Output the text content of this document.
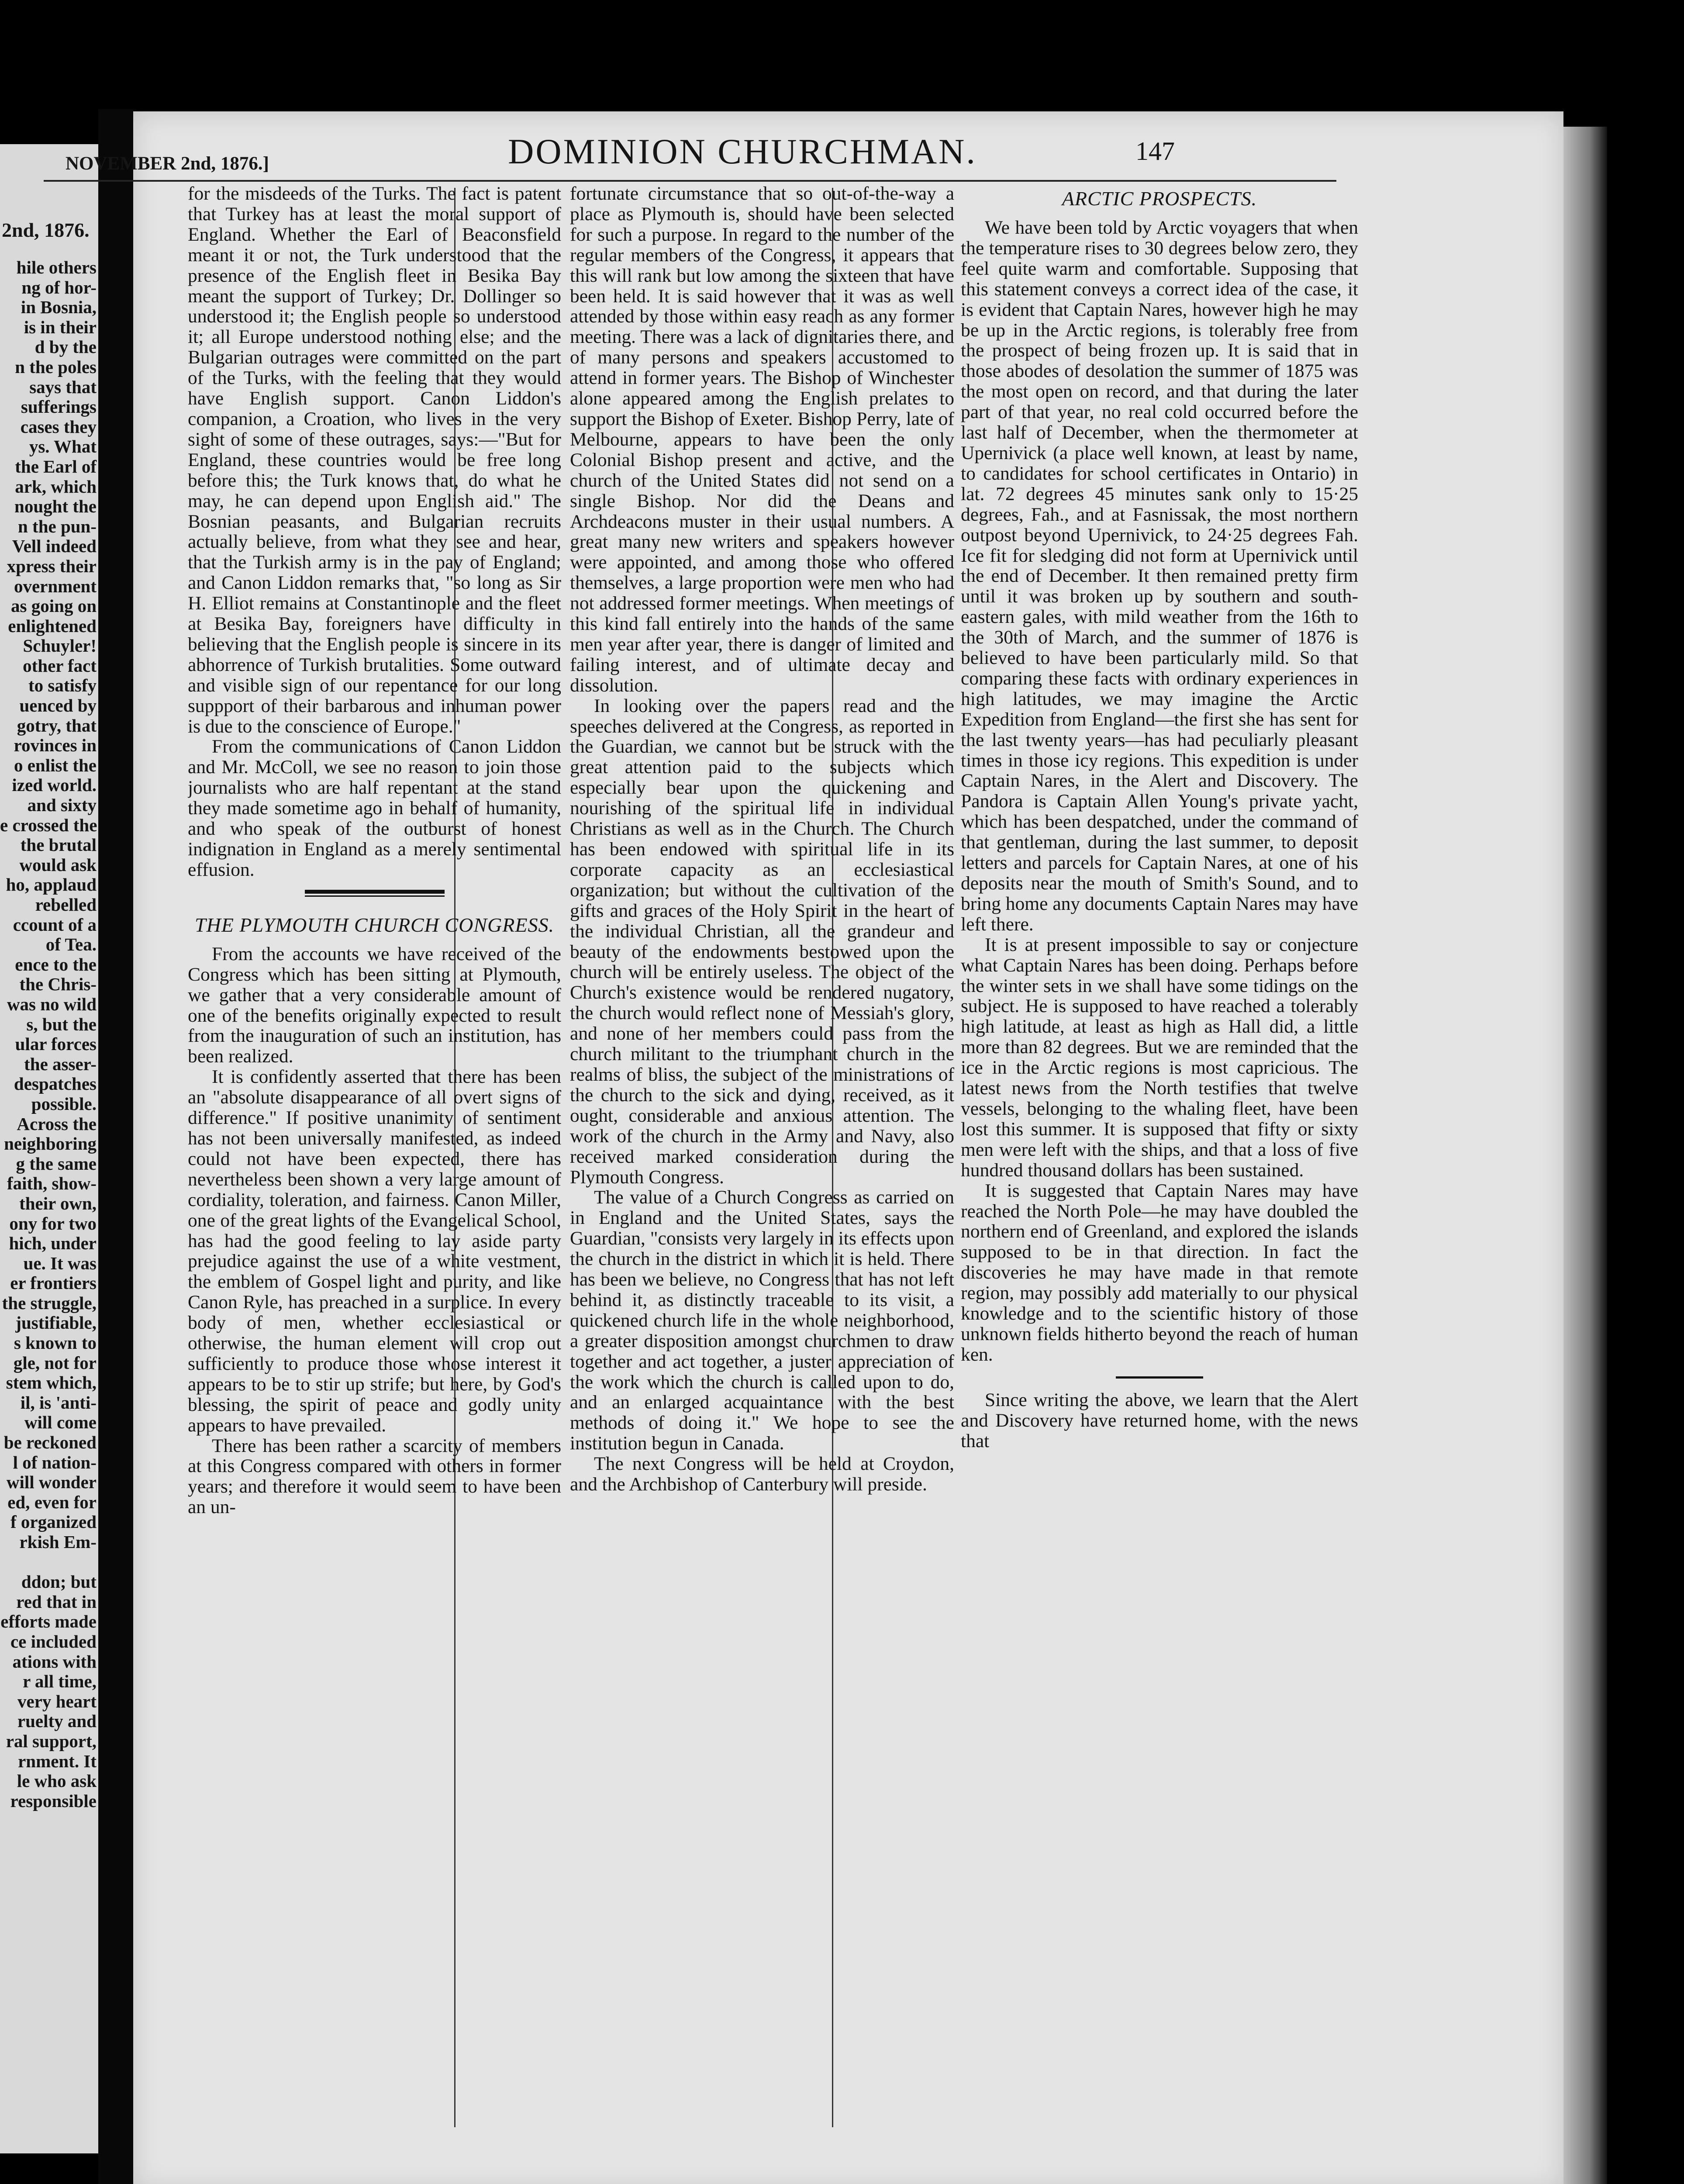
2nd, 1876.
hile others
ng of hor-
in Bosnia,
is in their
d by the
n the poles
says that
sufferings
cases they
ys. What
the Earl of
ark, which
nought the
n the pun-
Vell indeed
xpress their
overnment
as going on
enlightened
Schuyler!
other fact
to satisfy
uenced by
gotry, that
rovinces in
o enlist the
ized world.
and sixty
e crossed the
the brutal
would ask
ho, applaud
rebelled
ccount of a
of Tea.
ence to the
the Chris-
was no wild
s, but the
ular forces
the asser-
despatches
possible.
Across the
neighboring
g the same
faith, show-
their own,
ony for two
hich, under
ue. It was
er frontiers
the struggle,
justifiable,
s known to
gle, not for
stem which,
il, is 'anti-
will come
be reckoned
l of nation-
will wonder
ed, even for
f organized
rkish Em-

ddon; but
red that in
efforts made
ce included
ations with
r all time,
very heart
ruelty and
ral support,
rnment. It
le who ask
responsible
NOVEMBER 2nd, 1876.]	DOMINION CHURCHMAN.	147

for the misdeeds of the Turks. The fact is patent that Turkey has at least the moral support of England. Whether the Earl of Beaconsfield meant it or not, the Turk understood that the presence of the English fleet in Besika Bay meant the support of Turkey; Dr. Dollinger so understood it; the English people so understood it; all Europe understood nothing else; and the Bulgarian outrages were committed on the part of the Turks, with the feeling that they would have English support. Canon Liddon's companion, a Croation, who lives in the very sight of some of these outrages, says:—"But for England, these countries would be free long before this; the Turk knows that, do what he may, he can depend upon English aid." The Bosnian peasants, and Bulgarian recruits actually believe, from what they see and hear, that the Turkish army is in the pay of England; and Canon Liddon remarks that, "so long as Sir H. Elliot remains at Constantinople and the fleet at Besika Bay, foreigners have difficulty in believing that the English people is sincere in its abhorrence of Turkish brutalities. Some outward and visible sign of our repentance for our long suppport of their barbarous and inhuman power is due to the conscience of Europe."

From the communications of Canon Liddon and Mr. McColl, we see no reason to join those journalists who are half repentant at the stand they made sometime ago in behalf of humanity, and who speak of the outburst of honest indignation in England as a merely sentimental effusion.

THE PLYMOUTH CHURCH CONGRESS.

From the accounts we have received of the Congress which has been sitting at Plymouth, we gather that a very considerable amount of one of the benefits originally expected to result from the inauguration of such an institution, has been realized.

It is confidently asserted that there has been an "absolute disappearance of all overt signs of difference." If positive unanimity of sentiment has not been universally manifested, as indeed could not have been expected, there has nevertheless been shown a very large amount of cordiality, toleration, and fairness. Canon Miller, one of the great lights of the Evangelical School, has had the good feeling to lay aside party prejudice against the use of a white vestment, the emblem of Gospel light and purity, and like Canon Ryle, has preached in a surplice. In every body of men, whether ecclesiastical or otherwise, the human element will crop out sufficiently to produce those whose interest it appears to be to stir up strife; but here, by God's blessing, the spirit of peace and godly unity appears to have prevailed.

There has been rather a scarcity of members at this Congress compared with others in former years; and therefore it would seem to have been an un-

fortunate circumstance that so out-of-the-way a place as Plymouth is, should have been selected for such a purpose. In regard to the number of the regular members of the Congress, it appears that this will rank but low among the sixteen that have been held. It is said however that it was as well attended by those within easy reach as any former meeting. There was a lack of dignitaries there, and of many persons and speakers accustomed to attend in former years. The Bishop of Winchester alone appeared among the English prelates to support the Bishop of Exeter. Bishop Perry, late of Melbourne, appears to have been the only Colonial Bishop present and active, and the church of the United States did not send on a single Bishop. Nor did the Deans and Archdeacons muster in their usual numbers. A great many new writers and speakers however were appointed, and among those who offered themselves, a large proportion were men who had not addressed former meetings. When meetings of this kind fall entirely into the hands of the same men year after year, there is danger of limited and failing interest, and of ultimate decay and dissolution.

In looking over the papers read and the speeches delivered at the Congress, as reported in the Guardian, we cannot but be struck with the great attention paid to the subjects which especially bear upon the quickening and nourishing of the spiritual life in individual Christians as well as in the Church. The Church has been endowed with spiritual life in its corporate capacity as an ecclesiastical organization; but without the cultivation of the gifts and graces of the Holy Spirit in the heart of the individual Christian, all the grandeur and beauty of the endowments bestowed upon the church will be entirely useless. The object of the Church's existence would be rendered nugatory, the church would reflect none of Messiah's glory, and none of her members could pass from the church militant to the triumphant church in the realms of bliss, the subject of the ministrations of the church to the sick and dying, received, as it ought, considerable and anxious attention. The work of the church in the Army and Navy, also received marked consideration during the Plymouth Congress.

The value of a Church Congress as carried on in England and the United States, says the Guardian, "consists very largely in its effects upon the church in the district in which it is held. There has been we believe, no Congress that has not left behind it, as distinctly traceable to its visit, a quickened church life in the whole neighborhood, a greater disposition amongst churchmen to draw together and act together, a juster appreciation of the work which the church is called upon to do, and an enlarged acquaintance with the best methods of doing it." We hope to see the institution begun in Canada.

The next Congress will be held at Croydon, and the Archbishop of Canterbury will preside.

ARCTIC PROSPECTS.

We have been told by Arctic voyagers that when the temperature rises to 30 degrees below zero, they feel quite warm and comfortable. Supposing that this statement conveys a correct idea of the case, it is evident that Captain Nares, however high he may be up in the Arctic regions, is tolerably free from the prospect of being frozen up. It is said that in those abodes of desolation the summer of 1875 was the most open on record, and that during the later part of that year, no real cold occurred before the last half of December, when the thermometer at Upernivick (a place well known, at least by name, to candidates for school certificates in Ontario) in lat. 72 degrees 45 minutes sank only to 15·25 degrees, Fah., and at Fasnissak, the most northern outpost beyond Upernivick, to 24·25 degrees Fah. Ice fit for sledging did not form at Upernivick until the end of December. It then remained pretty firm until it was broken up by southern and south-eastern gales, with mild weather from the 16th to the 30th of March, and the summer of 1876 is believed to have been particularly mild. So that comparing these facts with ordinary experiences in high latitudes, we may imagine the Arctic Expedition from England—the first she has sent for the last twenty years—has had peculiarly pleasant times in those icy regions. This expedition is under Captain Nares, in the Alert and Discovery. The Pandora is Captain Allen Young's private yacht, which has been despatched, under the command of that gentleman, during the last summer, to deposit letters and parcels for Captain Nares, at one of his deposits near the mouth of Smith's Sound, and to bring home any documents Captain Nares may have left there.

It is at present impossible to say or conjecture what Captain Nares has been doing. Perhaps before the winter sets in we shall have some tidings on the subject. He is supposed to have reached a tolerably high latitude, at least as high as Hall did, a little more than 82 degrees. But we are reminded that the ice in the Arctic regions is most capricious. The latest news from the North testifies that twelve vessels, belonging to the whaling fleet, have been lost this summer. It is supposed that fifty or sixty men were left with the ships, and that a loss of five hundred thousand dollars has been sustained.

It is suggested that Captain Nares may have reached the North Pole—he may have doubled the northern end of Greenland, and explored the islands supposed to be in that direction. In fact the discoveries he may have made in that remote region, may possibly add materially to our physical knowledge and to the scientific history of those unknown fields hitherto beyond the reach of human ken.

Since writing the above, we learn that the Alert and Discovery have returned home, with the news that
